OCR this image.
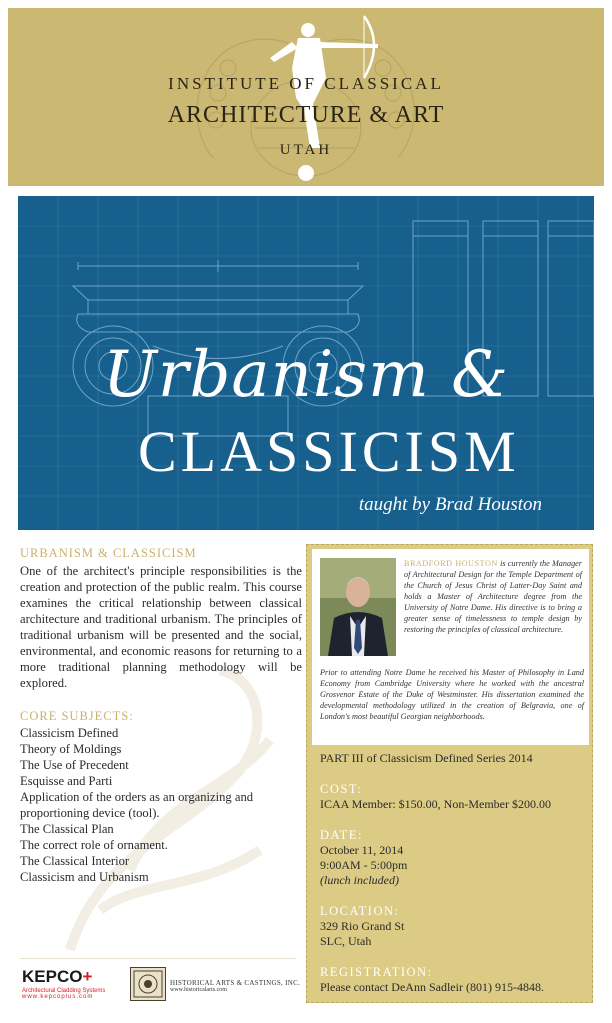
INSTITUTE OF CLASSICAL
ARCHITECTURE & ART
UTAH
Urbanism &
CLASSICISM
taught by Brad Houston
URBANISM & CLASSICISM

One of the architect's principle responsibilities is the creation and protection of the public realm. This course examines the critical relationship between classical architecture and traditional urbanism. The principles of traditional urbanism will be presented and the social, environmental, and economic reasons for returning to a more traditional planning methodology will be explored.

CORE SUBJECTS:
Classicism Defined
Theory of Moldings
The Use of Precedent
Esquisse and Parti
Application of the orders as an organizing and proportioning device (tool).
The Classical Plan
The correct role of ornament.
The Classical Interior
Classicism and Urbanism

BRADFORD HOUSTON is currently the Manager of Architectural Design for the Temple Department of the Church of Jesus Christ of Latter-Day Saint and holds a Master of Architecture degree from the University of Notre Dame. His directive is to bring a greater sense of timelessness to temple design by restoring the principles of classical architecture.

Prior to attending Notre Dame he received his Master of Philosophy in Land Economy from Cambridge University where he worked with the ancestral Grosvenor Estate of the Duke of Westminster. His dissertation examined the developmental methodology utilized in the creation of Belgravia, one of London's most beautiful Georgian neighborhoods.

PART III of Classicism Defined Series 2014
COST:
ICAA Member: $150.00, Non-Member $200.00
DATE:
October 11, 2014
9:00AM - 5:00pm
(lunch included)
LOCATION:
329 Rio Grand St
SLC, Utah
REGISTRATION:
Please contact DeAnn Sadleir (801) 915-4848.
KEPCO+
Architectural Cladding Systems
www.kepcoplus.com
HISTORICAL ARTS & CASTINGS, INC.
www.historicalarts.com
